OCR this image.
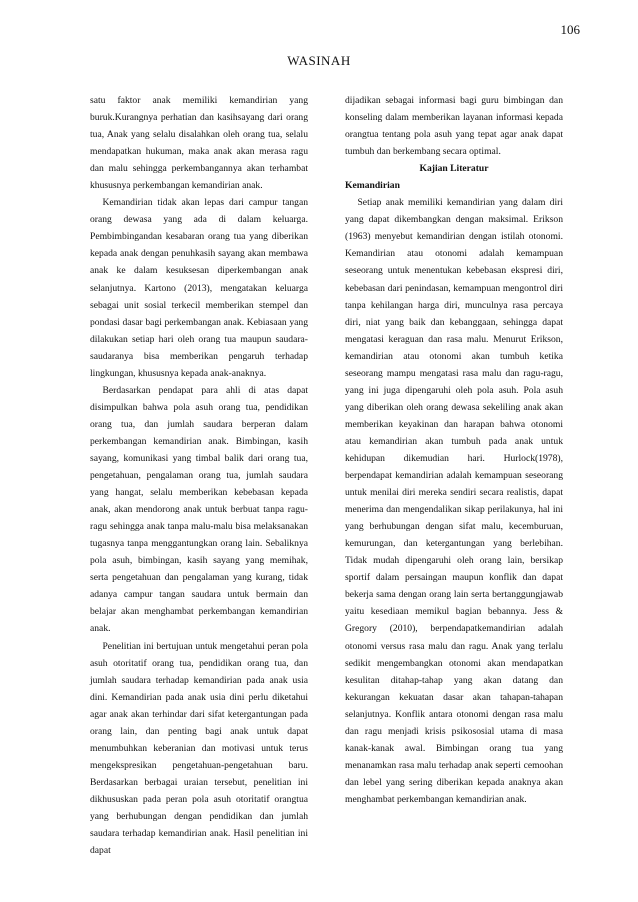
106
WASINAH

satu faktor anak memiliki kemandirian yang buruk.Kurangnya perhatian dan kasihsayang dari orang tua, Anak yang selalu disalahkan oleh orang tua, selalu mendapatkan hukuman, maka anak akan merasa ragu dan malu sehingga perkembangannya akan terhambat khususnya perkembangan kemandirian anak.

Kemandirian tidak akan lepas dari campur tangan orang dewasa yang ada di dalam keluarga. Pembimbingandan kesabaran orang tua yang diberikan kepada anak dengan penuhkasih sayang akan membawa anak ke dalam kesuksesan diperkembangan anak selanjutnya. Kartono (2013), mengatakan keluarga sebagai unit sosial terkecil memberikan stempel dan pondasi dasar bagi perkembangan anak. Kebiasaan yang dilakukan setiap hari oleh orang tua maupun saudara-saudaranya bisa memberikan pengaruh terhadap lingkungan, khususnya kepada anak-anaknya.

Berdasarkan pendapat para ahli di atas dapat disimpulkan bahwa pola asuh orang tua, pendidikan orang tua, dan jumlah saudara berperan dalam perkembangan kemandirian anak. Bimbingan, kasih sayang, komunikasi yang timbal balik dari orang tua, pengetahuan, pengalaman orang tua, jumlah saudara yang hangat, selalu memberikan kebebasan kepada anak, akan mendorong anak untuk berbuat tanpa ragu-ragu sehingga anak tanpa malu-malu bisa melaksanakan tugasnya tanpa menggantungkan orang lain. Sebaliknya pola asuh, bimbingan, kasih sayang yang memihak, serta pengetahuan dan pengalaman yang kurang, tidak adanya campur tangan saudara untuk bermain dan belajar akan menghambat perkembangan kemandirian anak.

Penelitian ini bertujuan untuk mengetahui peran pola asuh otoritatif orang tua, pendidikan orang tua, dan jumlah saudara terhadap kemandirian pada anak usia dini. Kemandirian pada anak usia dini perlu diketahui agar anak akan terhindar dari sifat ketergantungan pada orang lain, dan penting bagi anak untuk dapat menumbuhkan keberanian dan motivasi untuk terus mengekspresikan pengetahuan-pengetahuan baru. Berdasarkan berbagai uraian tersebut, penelitian ini dikhususkan pada peran pola asuh otoritatif orangtua yang berhubungan dengan pendidikan dan jumlah saudara terhadap kemandirian anak. Hasil penelitian ini dapat

dijadikan sebagai informasi bagi guru bimbingan dan konseling dalam memberikan layanan informasi kepada orangtua tentang pola asuh yang tepat agar anak dapat tumbuh dan berkembang secara optimal.

Kajian Literatur

Kemandirian

Setiap anak memiliki kemandirian yang dalam diri yang dapat dikembangkan dengan maksimal. Erikson (1963) menyebut kemandirian dengan istilah otonomi. Kemandirian atau otonomi adalah kemampuan seseorang untuk menentukan kebebasan ekspresi diri, kebebasan dari penindasan, kemampuan mengontrol diri tanpa kehilangan harga diri, munculnya rasa percaya diri, niat yang baik dan kebanggaan, sehingga dapat mengatasi keraguan dan rasa malu. Menurut Erikson, kemandirian atau otonomi akan tumbuh ketika seseorang mampu mengatasi rasa malu dan ragu-ragu, yang ini juga dipengaruhi oleh pola asuh. Pola asuh yang diberikan oleh orang dewasa sekeliling anak akan memberikan keyakinan dan harapan bahwa otonomi atau kemandirian akan tumbuh pada anak untuk kehidupan dikemudian hari. Hurlock(1978), berpendapat kemandirian adalah kemampuan seseorang untuk menilai diri mereka sendiri secara realistis, dapat menerima dan mengendalikan sikap perilakunya, hal ini yang berhubungan dengan sifat malu, kecemburuan, kemurungan, dan ketergantungan yang berlebihan. Tidak mudah dipengaruhi oleh orang lain, bersikap sportif dalam persaingan maupun konflik dan dapat bekerja sama dengan orang lain serta bertanggungjawab yaitu kesediaan memikul bagian bebannya. Jess & Gregory (2010), berpendapatkemandirian adalah otonomi versus rasa malu dan ragu. Anak yang terlalu sedikit mengembangkan otonomi akan mendapatkan kesulitan ditahap-tahap yang akan datang dan kekurangan kekuatan dasar akan tahapan-tahapan selanjutnya. Konflik antara otonomi dengan rasa malu dan ragu menjadi krisis psikososial utama di masa kanak-kanak awal. Bimbingan orang tua yang menanamkan rasa malu terhadap anak seperti cemoohan dan lebel yang sering diberikan kepada anaknya akan menghambat perkembangan kemandirian anak.
